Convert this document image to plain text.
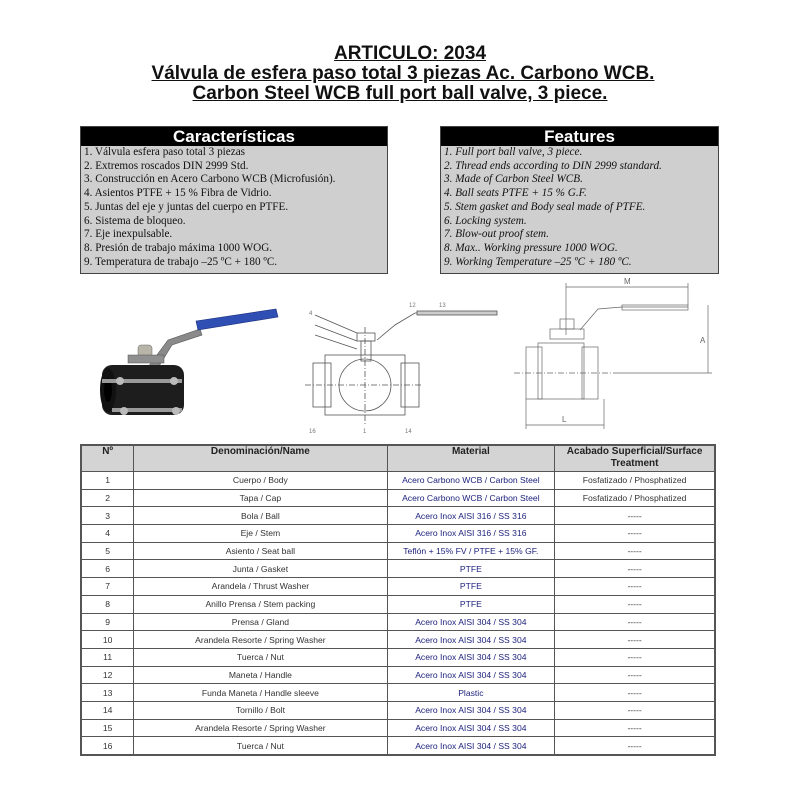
ARTICULO: 2034
Válvula de esfera paso total 3 piezas Ac. Carbono WCB.
Carbon Steel WCB full port ball valve, 3 piece.
Características
1. Válvula esfera paso total 3 piezas
2. Extremos roscados DIN 2999 Std.
3. Construcción en Acero Carbono WCB (Microfusión).
4. Asientos PTFE + 15 % Fibra de Vidrio.
5. Juntas del eje y juntas del cuerpo en PTFE.
6. Sistema de bloqueo.
7. Eje inexpulsable.
8. Presión de trabajo máxima 1000 WOG.
9. Temperatura de trabajo –25 ºC + 180 ºC.
Features
1. Full port ball valve, 3 piece.
2. Thread ends according to DIN 2999 standard.
3. Made of Carbon Steel WCB.
4. Ball seats PTFE + 15 % G.F.
5. Stem gasket and Body seal made of PTFE.
6. Locking system.
7. Blow-out proof stem.
8. Max.. Working pressure 1000 WOG.
9. Working Temperature –25 ºC + 180 ºC.
12	13
4
16	1	14
M
A
L
Nº	Denominación/Name	Material	Acabado Superficial/Surface Treatment
1	Cuerpo / Body	Acero Carbono WCB / Carbon Steel	Fosfatizado / Phosphatized
2	Tapa / Cap	Acero Carbono WCB / Carbon Steel	Fosfatizado / Phosphatized
3	Bola / Ball	Acero Inox AISI 316 / SS 316	-----
4	Eje / Stem	Acero Inox AISI 316 / SS 316	-----
5	Asiento / Seat ball	Teflón + 15% FV / PTFE + 15% GF.	-----
6	Junta / Gasket	PTFE	-----
7	Arandela / Thrust Washer	PTFE	-----
8	Anillo Prensa / Stem packing	PTFE	-----
9	Prensa / Gland	Acero Inox AISI 304 / SS 304	-----
10	Arandela Resorte / Spring Washer	Acero Inox AISI 304 / SS 304	-----
11	Tuerca / Nut	Acero Inox AISI 304 / SS 304	-----
12	Maneta / Handle	Acero Inox AISI 304 / SS 304	-----
13	Funda Maneta / Handle sleeve	Plastic	-----
14	Tornillo / Bolt	Acero Inox AISI 304 / SS 304	-----
15	Arandela Resorte / Spring Washer	Acero Inox AISI 304 / SS 304	-----
16	Tuerca / Nut	Acero Inox AISI 304 / SS 304	-----
